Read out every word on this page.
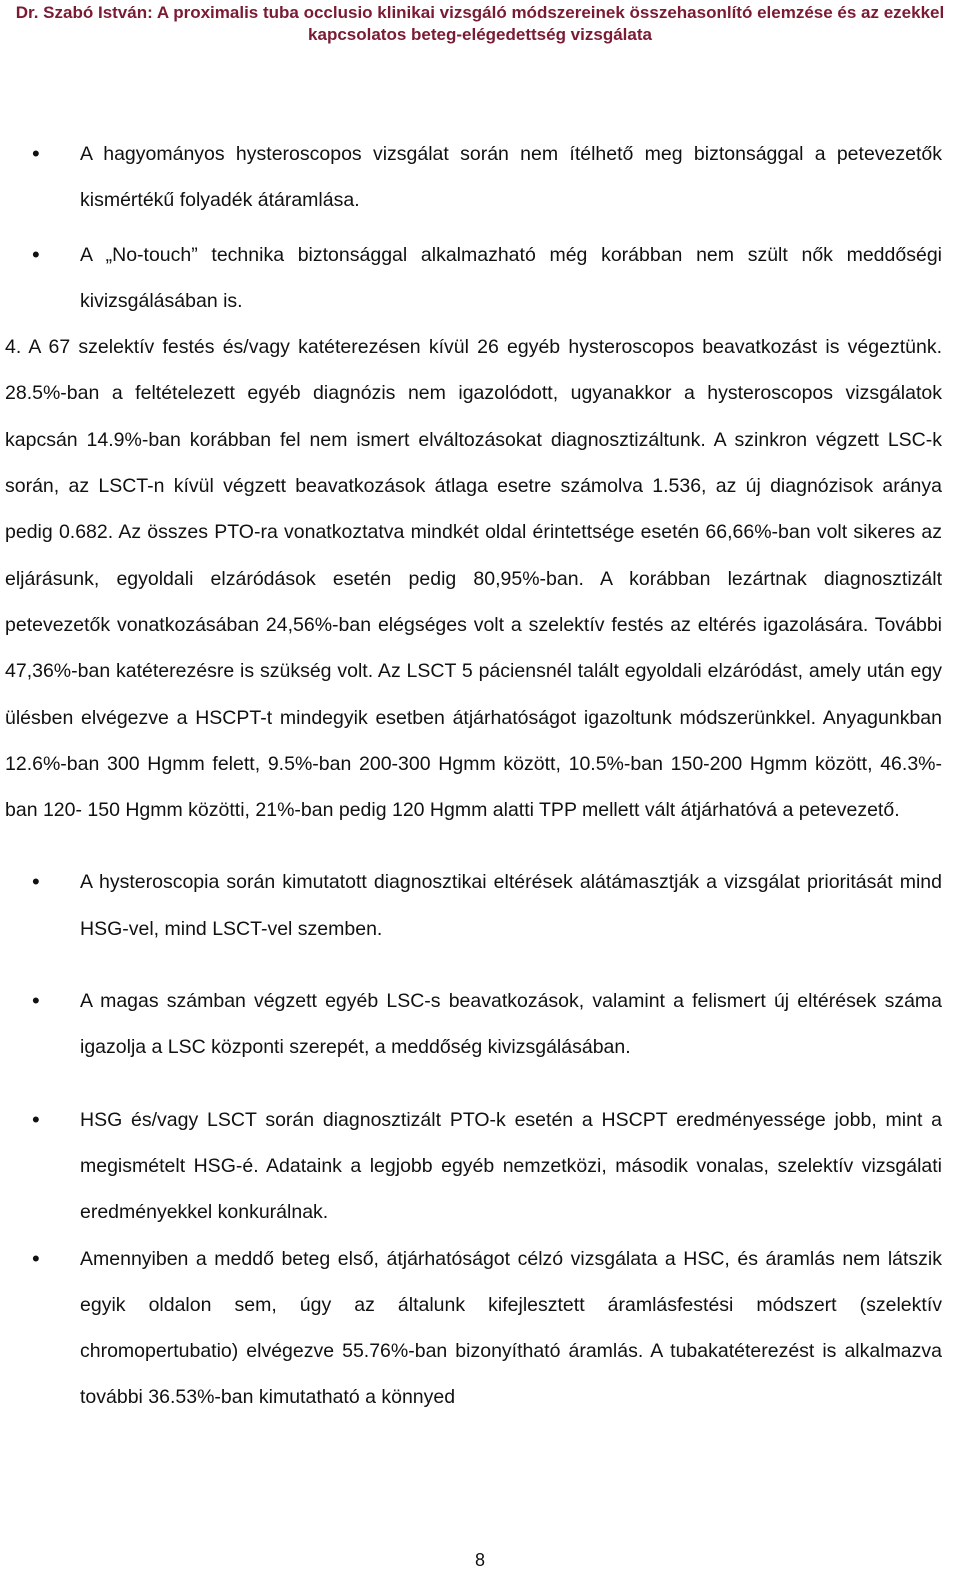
Dr. Szabó István: A proximalis tuba occlusio klinikai vizsgáló módszereinek összehasonlító elemzése és az ezekkel
kapcsolatos beteg-elégedettség vizsgálata
• A hagyományos hysteroscopos vizsgálat során nem ítélhető meg biztonsággal a petevezetők kismértékű folyadék átáramlása.
• A „No-touch” technika biztonsággal alkalmazható még korábban nem szült nők meddőségi kivizsgálásában is.
4. A 67 szelektív festés és/vagy katéterezésen kívül 26 egyéb hysteroscopos beavatkozást is végeztünk. 28.5%-ban a feltételezett egyéb diagnózis nem igazolódott, ugyanakkor a hysteroscopos vizsgálatok kapcsán 14.9%-ban korábban fel nem ismert elváltozásokat diagnosztizáltunk. A szinkron végzett LSC-k során, az LSCT-n kívül végzett beavatkozások átlaga esetre számolva 1.536, az új diagnózisok aránya pedig 0.682. Az összes PTO-ra vonatkoztatva mindkét oldal érintettsége esetén 66,66%-ban volt sikeres az eljárásunk, egyoldali elzáródások esetén pedig 80,95%-ban. A korábban lezártnak diagnosztizált petevezetők vonatkozásában 24,56%-ban elégséges volt a szelektív festés az eltérés igazolására. További 47,36%-ban katéterezésre is szükség volt. Az LSCT 5 páciensnél talált egyoldali elzáródást, amely után egy ülésben elvégezve a HSCPT-t mindegyik esetben átjárhatóságot igazoltunk módszerünkkel. Anyagunkban 12.6%-ban 300 Hgmm felett, 9.5%-ban 200-300 Hgmm között, 10.5%-ban 150-200 Hgmm között, 46.3%-ban 120- 150 Hgmm közötti, 21%-ban pedig 120 Hgmm alatti TPP mellett vált átjárhatóvá a petevezető.
• A hysteroscopia során kimutatott diagnosztikai eltérések alátámasztják a vizsgálat prioritását mind HSG-vel, mind LSCT-vel szemben.
• A magas számban végzett egyéb LSC-s beavatkozások, valamint a felismert új eltérések száma igazolja a LSC központi szerepét, a meddőség kivizsgálásában.
• HSG és/vagy LSCT során diagnosztizált PTO-k esetén a HSCPT eredményessége jobb, mint a megismételt HSG-é. Adataink a legjobb egyéb nemzetközi, második vonalas, szelektív vizsgálati eredményekkel konkurálnak.
• Amennyiben a meddő beteg első, átjárhatóságot célzó vizsgálata a HSC, és áramlás nem látszik egyik oldalon sem, úgy az általunk kifejlesztett áramlásfestési módszert (szelektív chromopertubatio) elvégezve 55.76%-ban bizonyítható áramlás. A tubakatéterezést is alkalmazva további 36.53%-ban kimutatható a könnyed
8
